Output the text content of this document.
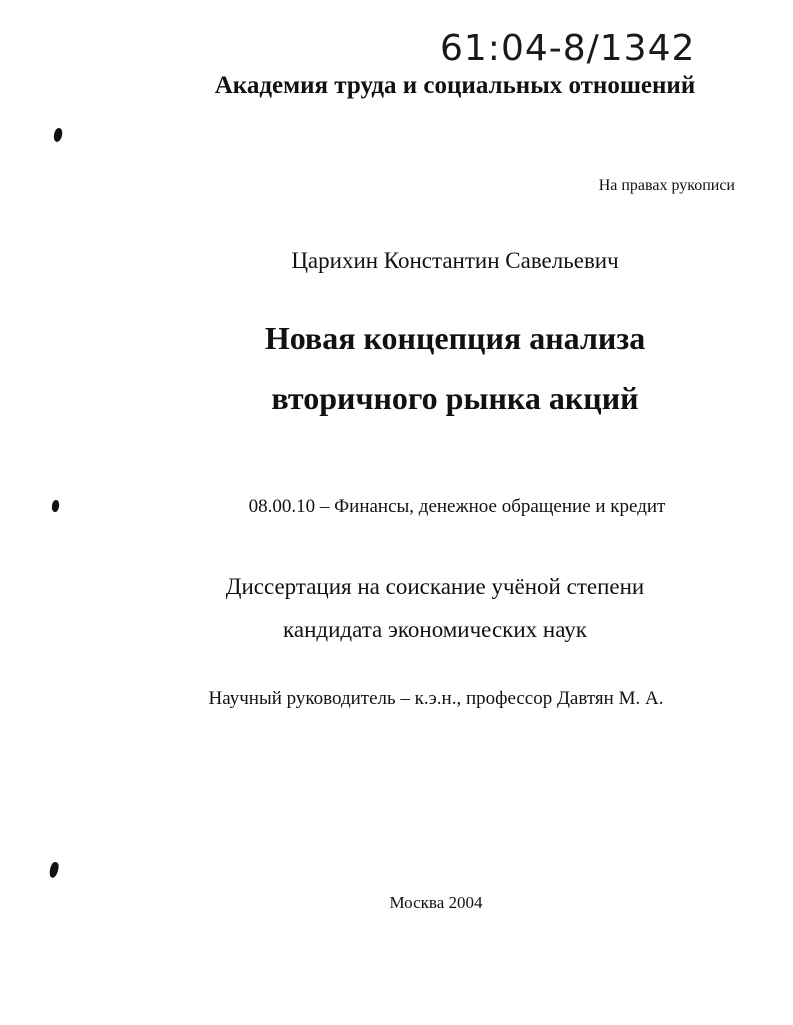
61:04-8/1342
Академия труда и социальных отношений
На правах рукописи
Царихин Константин Савельевич
Новая концепция анализа
вторичного рынка акций
08.00.10 – Финансы, денежное обращение и кредит
Диссертация на соискание учёной степени
кандидата экономических наук
Научный руководитель – к.э.н., профессор Давтян М. А.
Москва 2004
